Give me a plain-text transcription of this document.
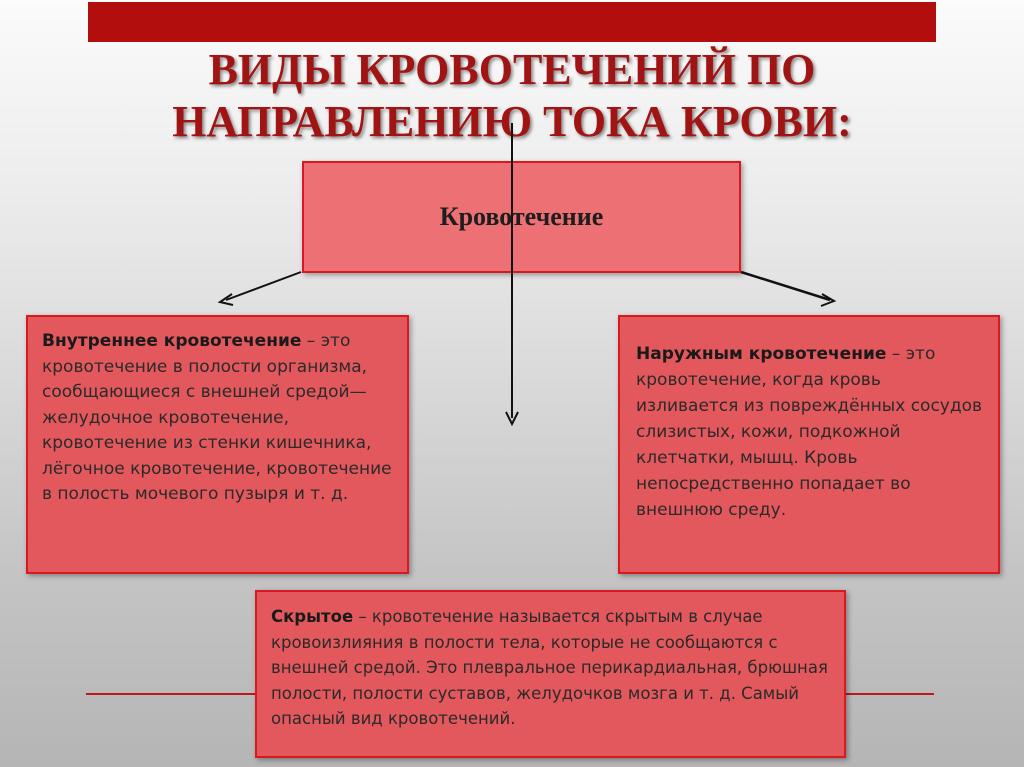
ВИДЫ КРОВОТЕЧЕНИЙ ПО
НАПРАВЛЕНИЮ ТОКА КРОВИ:
Кровотечение
Внутреннее кровотечение – это кровотечение в полости организма, сообщающиеся с внешней средой— желудочное кровотечение, кровотечение из стенки кишечника, лёгочное кровотечение, кровотечение в полость мочевого пузыря и т. д.
Наружным кровотечение – это кровотечение, когда кровь изливается из повреждённых сосудов слизистых, кожи, подкожной клетчатки, мышц. Кровь непосредственно попадает во внешнюю среду.
Скрытое – кровотечение называется скрытым в случае кровоизлияния в полости тела, которые не сообщаются с внешней средой. Это плевральное перикардиальная, брюшная полости, полости суставов, желудочков мозга и т. д. Самый опасный вид кровотечений.
